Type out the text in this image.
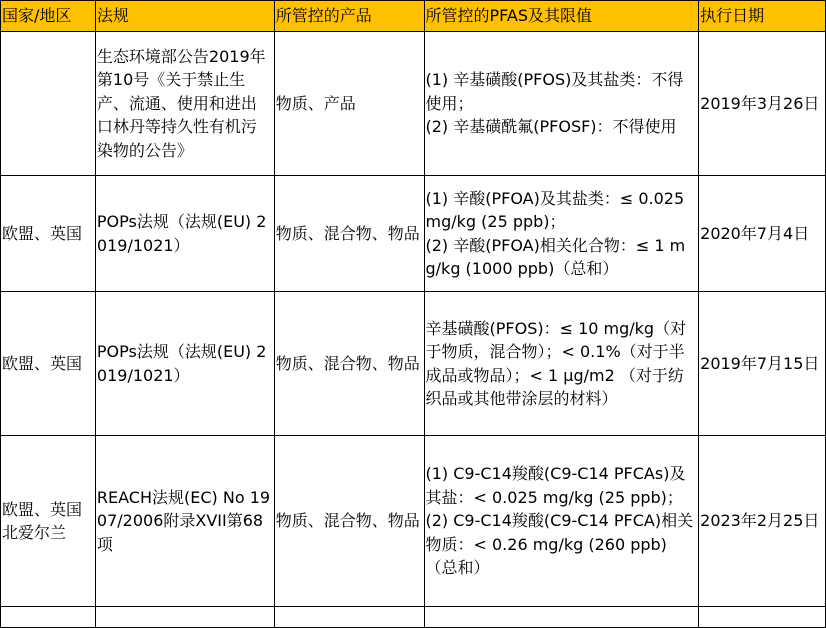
国家/地区	法规	所管控的产品	所管控的PFAS及其限值	执行日期
	生态环境部公告2019年第10号《关于禁止生产、流通、使用和进出口林丹等持久性有机污染物的公告》	物质、产品	(1) 辛基磺酸(PFOS)及其盐类：不得使用；
(2) 辛基磺酰氟(PFOSF)：不得使用	2019年3月26日
欧盟、英国	POPs法规（法规(EU) 2019/1021）	物质、混合物、物品	(1) 辛酸(PFOA)及其盐类：≤ 0.025 mg/kg (25 ppb)；
(2) 辛酸(PFOA)相关化合物：≤ 1 mg/kg (1000 ppb)（总和）	2020年7月4日
欧盟、英国	POPs法规（法规(EU) 2019/1021）	物质、混合物、物品	辛基磺酸(PFOS)：≤ 10 mg/kg（对于物质，混合物）；< 0.1%（对于半成品或物品）；< 1 μg/m2 （对于纺织品或其他带涂层的材料）	2019年7月15日
欧盟、英国北爱尔兰	REACH法规(EC) No 1907/2006附录XVII第68项	物质、混合物、物品	(1) C9-C14羧酸(C9-C14 PFCAs)及其盐：< 0.025 mg/kg (25 ppb)；
(2) C9-C14羧酸(C9-C14 PFCA)相关物质：< 0.26 mg/kg (260 ppb)（总和）	2023年2月25日
